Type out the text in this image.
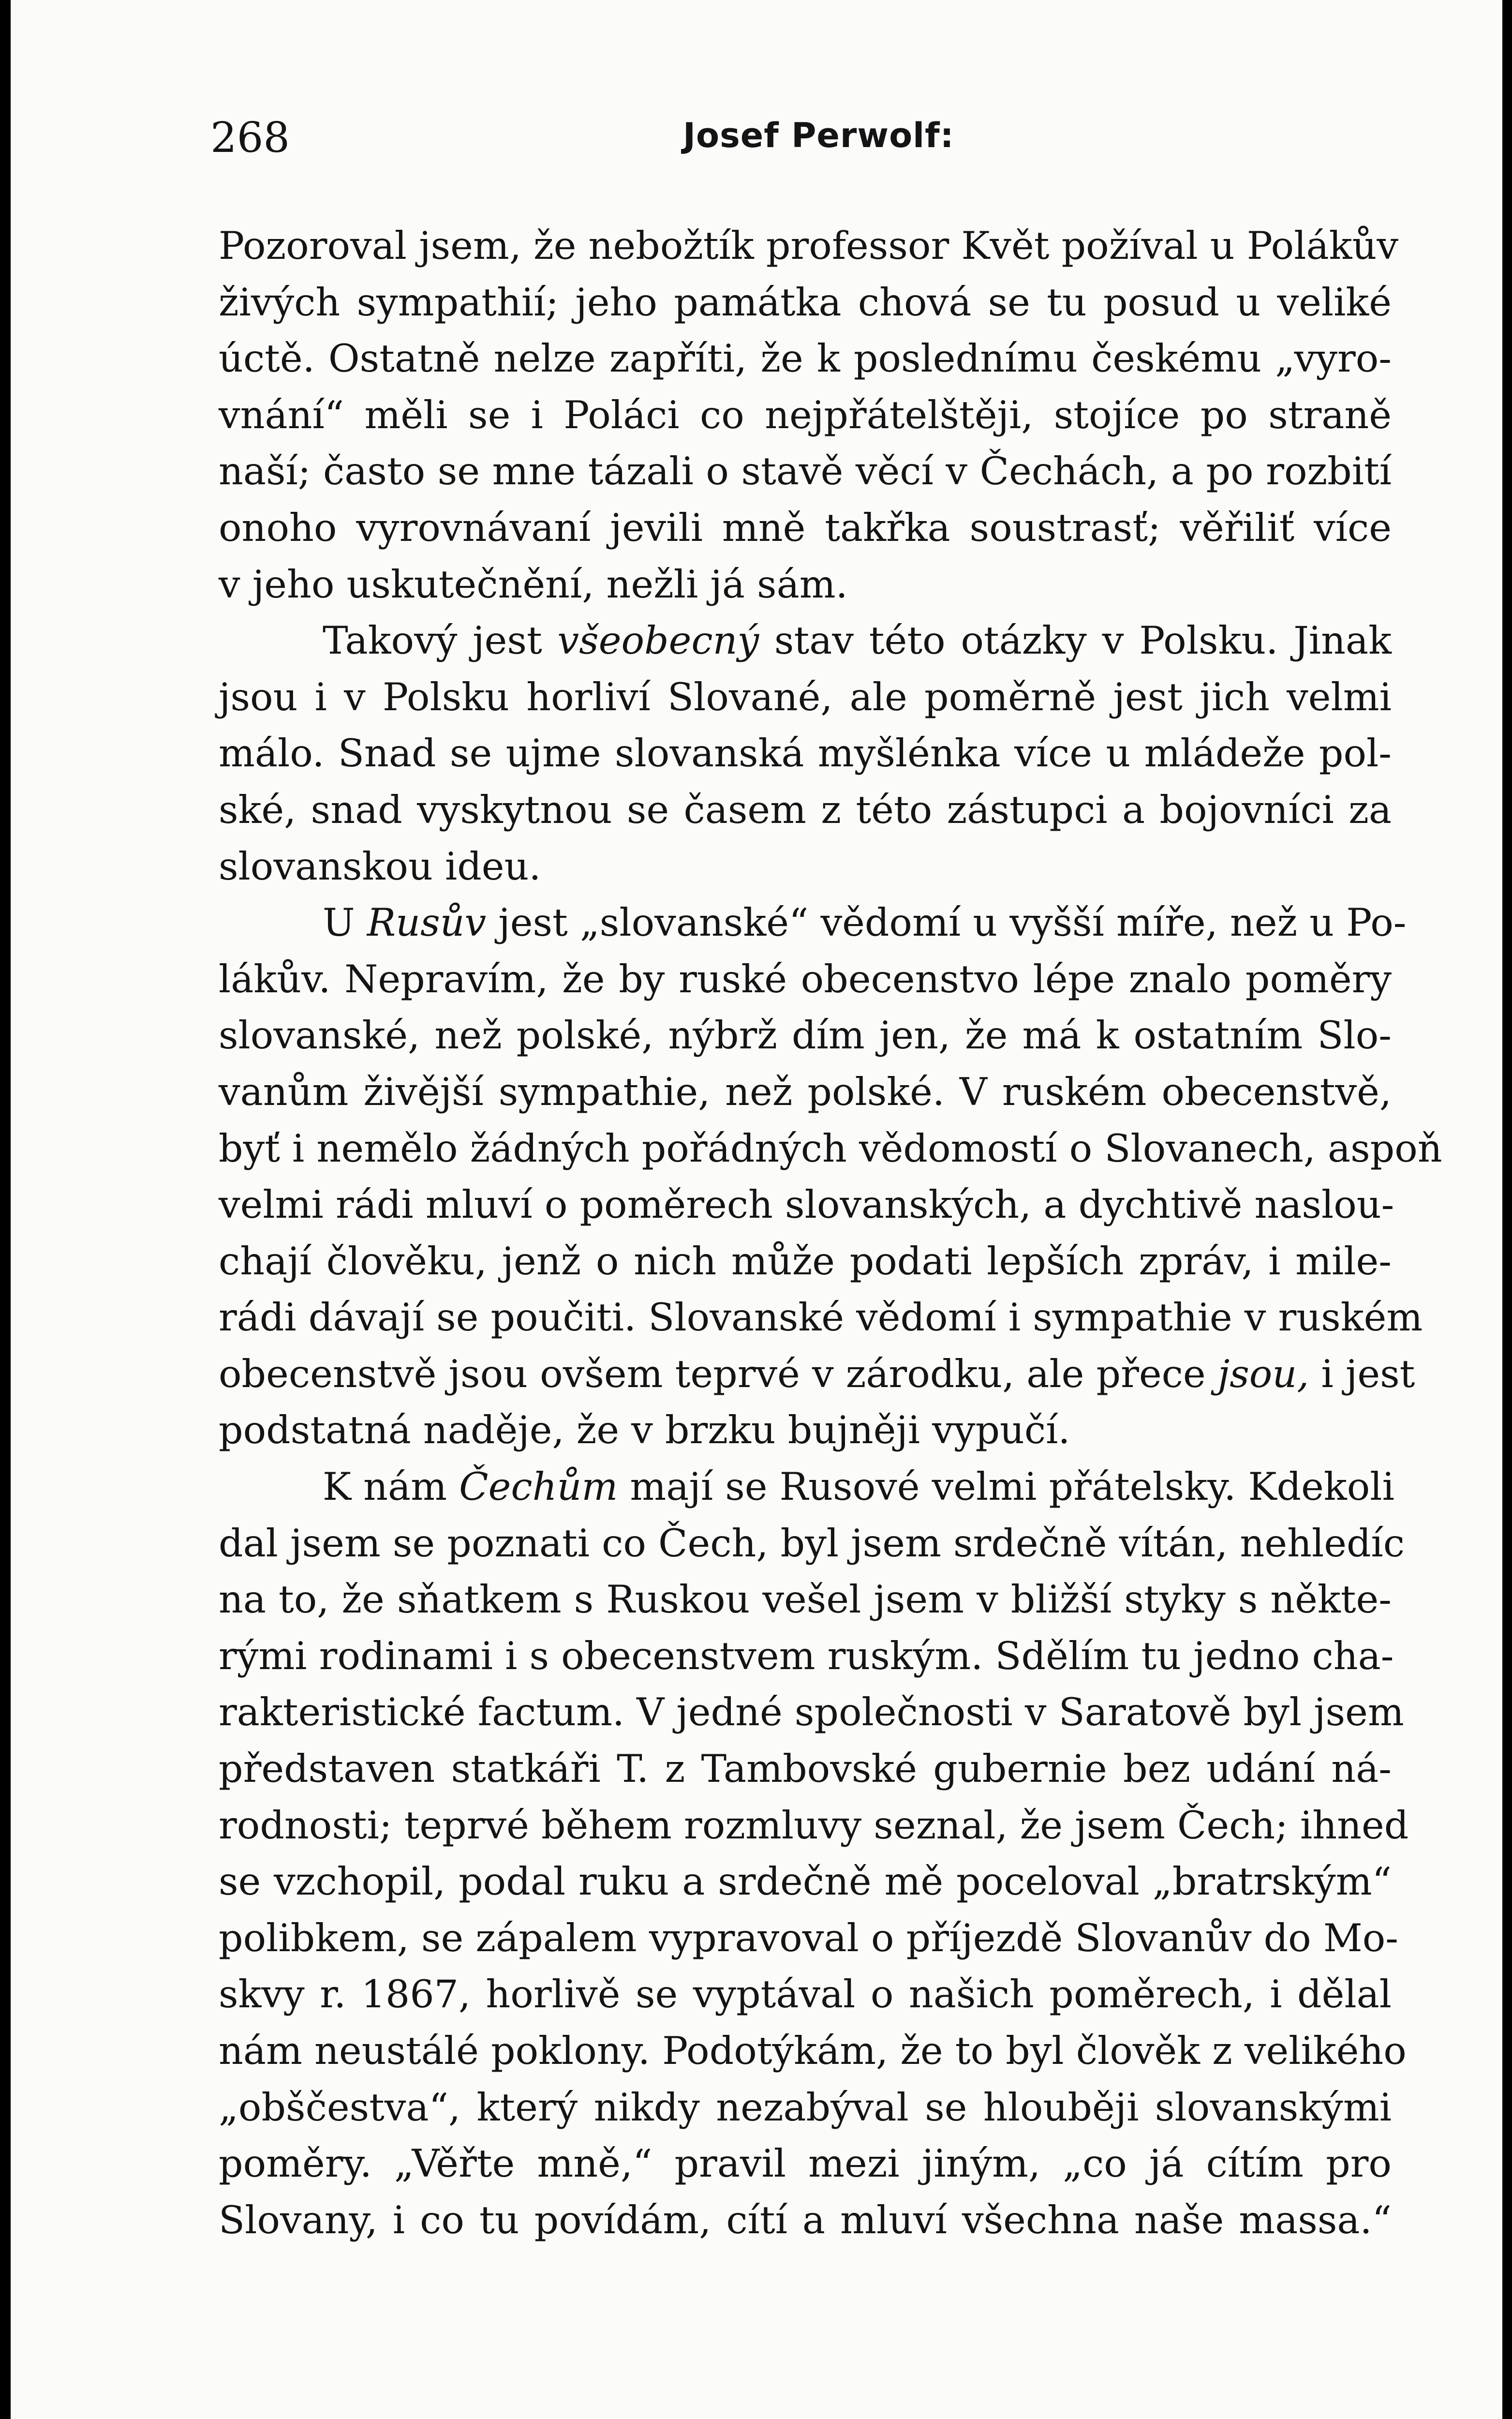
268	Josef Perwolf:
Pozoroval jsem, že nebožtík professor Květ požíval u Polákův
živých sympathií; jeho památka chová se tu posud u veliké
úctě. Ostatně nelze zapříti, že k poslednímu českému „vyro-
vnání“ měli se i Poláci co nejpřátelštěji, stojíce po straně
naší; často se mne tázali o stavě věcí v Čechách, a po rozbití
onoho vyrovnávaní jevili mně takřka soustrasť; věřiliť více
v jeho uskutečnění, nežli já sám.
Takový jest všeobecný stav této otázky v Polsku. Jinak
jsou i v Polsku horliví Slované, ale poměrně jest jich velmi
málo. Snad se ujme slovanská myšlénka více u mládeže pol-
ské, snad vyskytnou se časem z této zástupci a bojovníci za
slovanskou ideu.
U Rusův jest „slovanské“ vědomí u vyšší míře, než u Po-
lákův. Nepravím, že by ruské obecenstvo lépe znalo poměry
slovanské, než polské, nýbrž dím jen, že má k ostatním Slo-
vanům živější sympathie, než polské. V ruském obecenstvě,
byť i nemělo žádných pořádných vědomostí o Slovanech, aspoň
velmi rádi mluví o poměrech slovanských, a dychtivě naslou-
chají člověku, jenž o nich může podati lepších zpráv, i mile-
rádi dávají se poučiti. Slovanské vědomí i sympathie v ruském
obecenstvě jsou ovšem teprvé v zárodku, ale přece jsou, i jest
podstatná naděje, že v brzku bujněji vypučí.
K nám Čechům mají se Rusové velmi přátelsky. Kdekoli
dal jsem se poznati co Čech, byl jsem srdečně vítán, nehledíc
na to, že sňatkem s Ruskou vešel jsem v bližší styky s někte-
rými rodinami i s obecenstvem ruským. Sdělím tu jedno cha-
rakteristické factum. V jedné společnosti v Saratově byl jsem
představen statkáři T. z Tambovské gubernie bez udání ná-
rodnosti; teprvé během rozmluvy seznal, že jsem Čech; ihned
se vzchopil, podal ruku a srdečně mě poceloval „bratrským“
polibkem, se zápalem vypravoval o příjezdě Slovanův do Mo-
skvy r. 1867, horlivě se vyptával o našich poměrech, i dělal
nám neustálé poklony. Podotýkám, že to byl člověk z velikého
„obščestva“, který nikdy nezabýval se hlouběji slovanskými
poměry. „Věřte mně,“ pravil mezi jiným, „co já cítím pro
Slovany, i co tu povídám, cítí a mluví všechna naše massa.“
